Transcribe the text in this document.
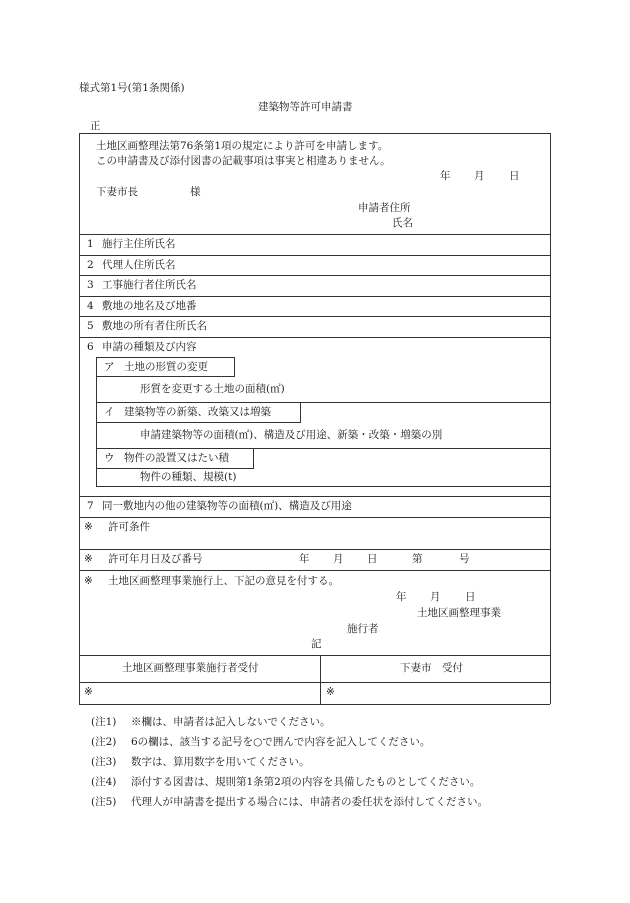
様式第1号(第1条関係)
建築物等許可申請書
正
土地区画整理法第76条第1項の規定により許可を申請します。
この申請書及び添付図書の記載事項は事実と相違ありません。
年 月 日
下妻市長	様
申請者住所
氏名
1 施行主住所氏名
2 代理人住所氏名
3 工事施行者住所氏名
4 敷地の地名及び地番
5 敷地の所有者住所氏名
6 申請の種類及び内容
ア 土地の形質の変更
形質を変更する土地の面積(㎡)
イ 建築物等の新築、改築又は増築
申請建築物等の面積(㎡)、構造及び用途、新築・改築・増築の別
ウ 物件の設置又はたい積
物件の種類、規模(t)
7 同一敷地内の他の建築物等の面積(㎡)、構造及び用途
※ 許可条件
※ 許可年月日及び番号	年 月 日	第	号
※ 土地区画整理事業施行上、下記の意見を付する。
年 月 日
土地区画整理事業
施行者
記
土地区画整理事業施行者受付	下妻市　受付
※	※
(注1) ※欄は、申請者は記入しないでください。
(注2) 6の欄は、該当する記号を○で囲んで内容を記入してください。
(注3) 数字は、算用数字を用いてください。
(注4) 添付する図書は、規則第1条第2項の内容を具備したものとしてください。
(注5) 代理人が申請書を提出する場合には、申請者の委任状を添付してください。
